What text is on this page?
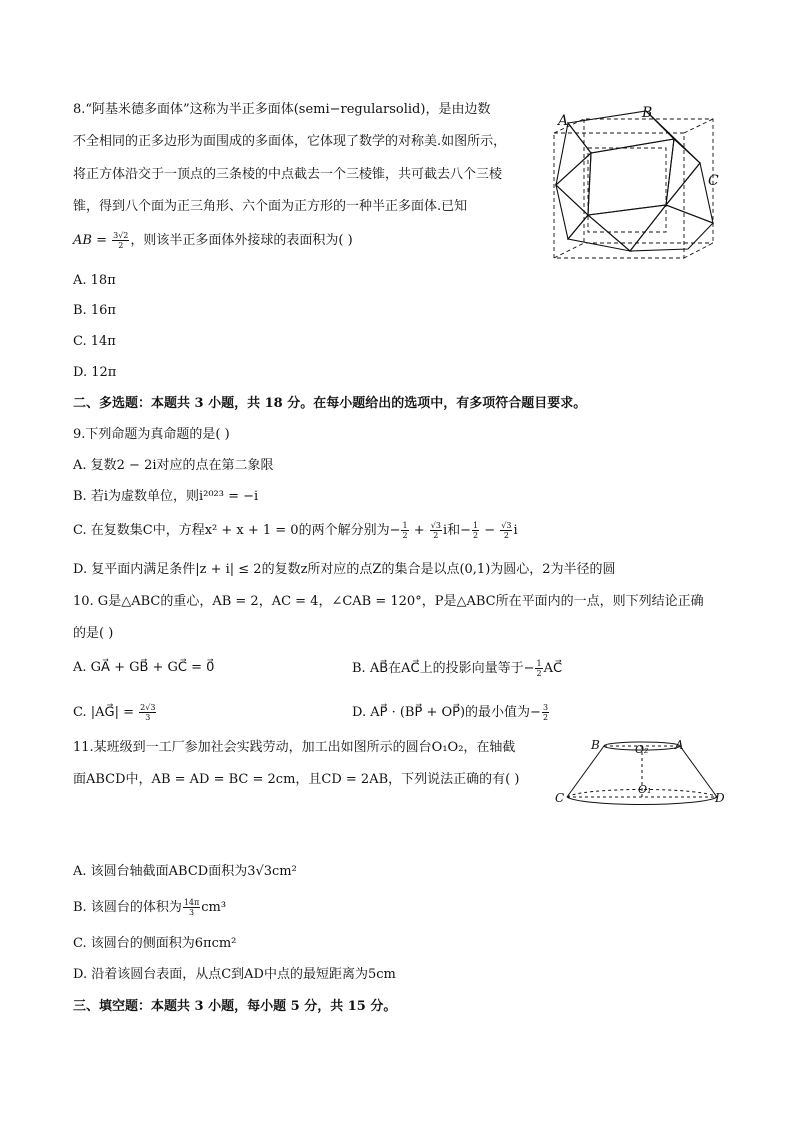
8.“阿基米德多面体”这称为半正多面体(semi−regularsolid)，是由边数
不全相同的正多边形为面围成的多面体，它体现了数学的对称美.如图所示，
将正方体沿交于一顶点的三条棱的中点截去一个三棱锥，共可截去八个三棱
锥，得到八个面为正三角形、六个面为正方形的一种半正多面体.已知
AB = $\frac{3√2}{2}$ ，则该半正多面体外接球的表面积为( )
A. 18π
B. 16π
C. 14π
D. 12π
A	B
C
二、多选题：本题共 3 小题，共 18 分。在每小题给出的选项中，有多项符合题目要求。
9.下列命题为真命题的是( )
A. 复数2 − 2i对应的点在第二象限
B. 若i为虚数单位，则i²⁰²³ = −i
C. 在复数集C中，方程x² + x + 1 = 0的两个解分别为− $\frac{1}{2} + \frac{√3}{2}$ i和− $\frac{1}{2} - \frac{√3}{2}$ i
D. 复平面内满足条件|z + i| ≤ 2的复数z所对应的点Z的集合是以点(0,1)为圆心，2为半径的圆
10. G是△ABC的重心，AB = 2，AC = 4，∠CAB = 120°，P是△ABC所在平面内的一点，则下列结论正确
的是( )
A. GA⃗ + GB⃗ + GC⃗ = 0⃗	B. AB⃗在AC⃗上的投影向量等于− $\frac{1}{2}$ AC⃗
C. |AG⃗| = $\frac{2√3}{3}$	D. AP⃗ · (BP⃗ + OP⃗)的最小值为− $\frac{3}{2}$
11.某班级到一工厂参加社会实践劳动，加工出如图所示的圆台O₁O₂，在轴截
面ABCD中，AB = AD = BC = 2cm，且CD = 2AB，下列说法正确的有( )
B	A
O₂
O₁
C	D
A. 该圆台轴截面ABCD面积为3√3cm²
B. 该圆台的体积为 $\frac{14\pi}{3} cm^3$
C. 该圆台的侧面积为6πcm²
D. 沿着该圆台表面，从点C到AD中点的最短距离为5cm
三、填空题：本题共 3 小题，每小题 5 分，共 15 分。
